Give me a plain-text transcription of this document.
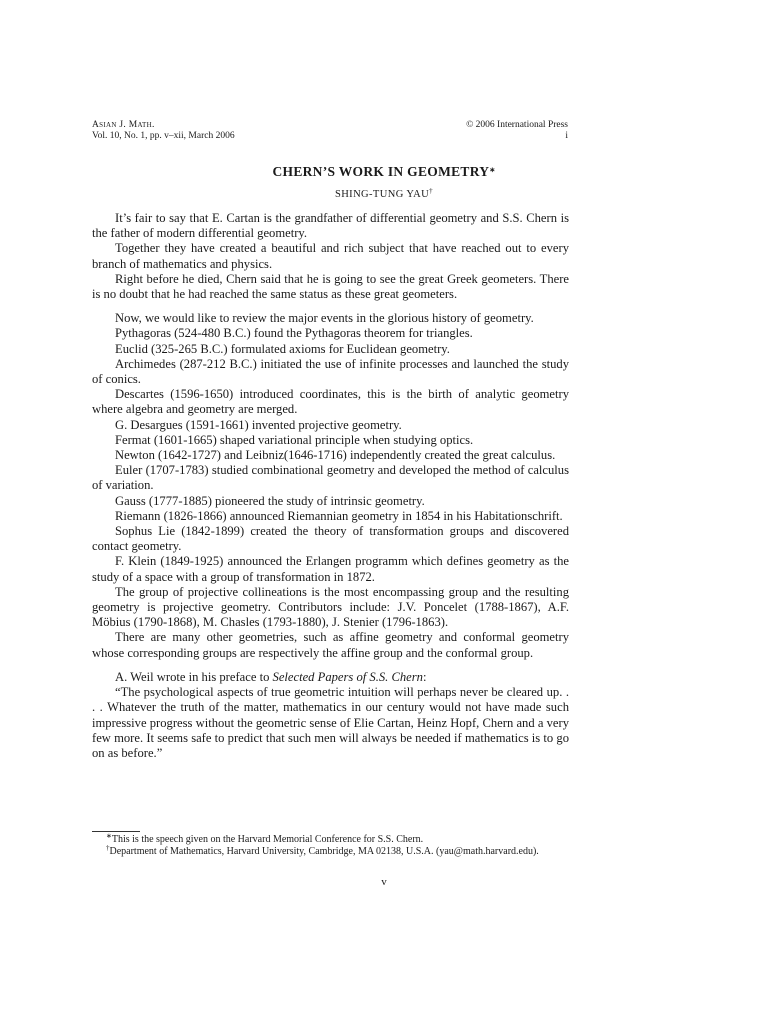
Asian J. Math.
Vol. 10, No. 1, pp. v–xii, March 2006
© 2006 International Press
i
CHERN’S WORK IN GEOMETRY∗
SHING-TUNG YAU†

It’s fair to say that E. Cartan is the grandfather of differential geometry and S.S. Chern is the father of modern differential geometry.

Together they have created a beautiful and rich subject that have reached out to every branch of mathematics and physics.

Right before he died, Chern said that he is going to see the great Greek geometers. There is no doubt that he had reached the same status as these great geometers.

Now, we would like to review the major events in the glorious history of geometry.

Pythagoras (524-480 B.C.) found the Pythagoras theorem for triangles.

Euclid (325-265 B.C.) formulated axioms for Euclidean geometry.

Archimedes (287-212 B.C.) initiated the use of infinite processes and launched the study of conics.

Descartes (1596-1650) introduced coordinates, this is the birth of analytic geometry where algebra and geometry are merged.

G. Desargues (1591-1661) invented projective geometry.

Fermat (1601-1665) shaped variational principle when studying optics.

Newton (1642-1727) and Leibniz(1646-1716) independently created the great calculus.

Euler (1707-1783) studied combinational geometry and developed the method of calculus of variation.

Gauss (1777-1885) pioneered the study of intrinsic geometry.

Riemann (1826-1866) announced Riemannian geometry in 1854 in his Habitationschrift.

Sophus Lie (1842-1899) created the theory of transformation groups and discovered contact geometry.

F. Klein (1849-1925) announced the Erlangen programm which defines geometry as the study of a space with a group of transformation in 1872.

The group of projective collineations is the most encompassing group and the resulting geometry is projective geometry. Contributors include: J.V. Poncelet (1788-1867), A.F. Möbius (1790-1868), M. Chasles (1793-1880), J. Stenier (1796-1863).

There are many other geometries, such as affine geometry and conformal geometry whose corresponding groups are respectively the affine group and the conformal group.

A. Weil wrote in his preface to Selected Papers of S.S. Chern:

“The psychological aspects of true geometric intuition will perhaps never be cleared up. . . . Whatever the truth of the matter, mathematics in our century would not have made such impressive progress without the geometric sense of Elie Cartan, Heinz Hopf, Chern and a very few more. It seems safe to predict that such men will always be needed if mathematics is to go on as before.”

∗This is the speech given on the Harvard Memorial Conference for S.S. Chern.

†Department of Mathematics, Harvard University, Cambridge, MA 02138, U.S.A. (yau@math.harvard.edu).

v
